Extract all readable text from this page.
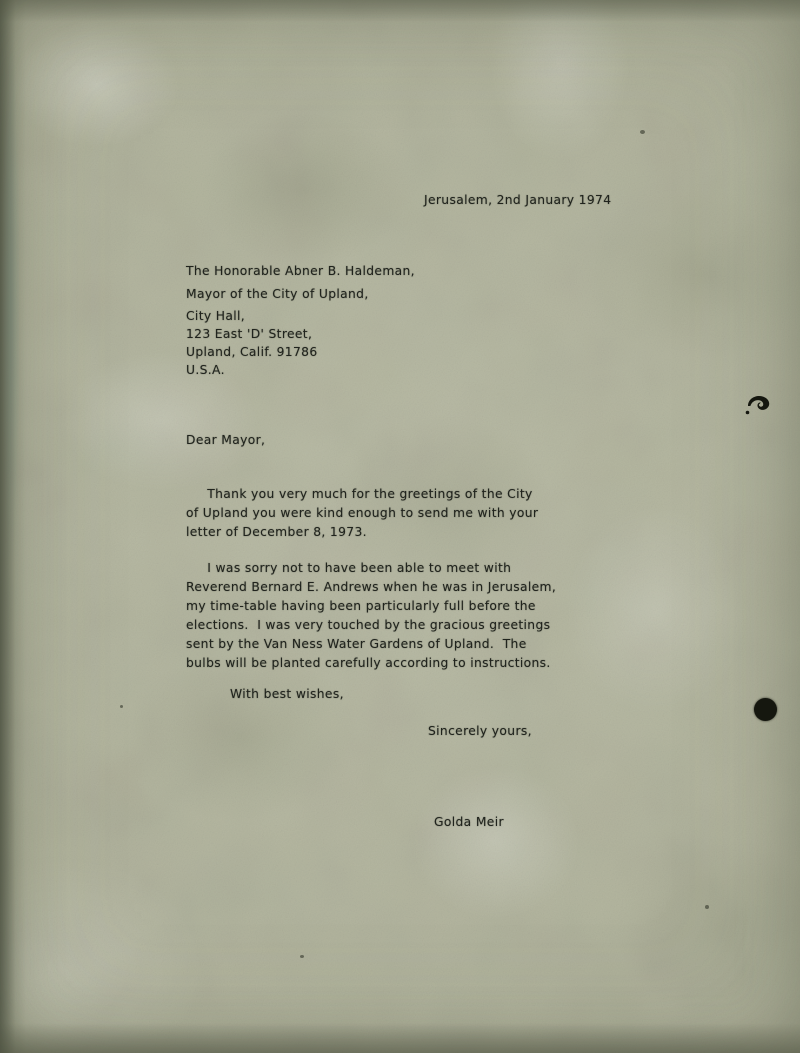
Jerusalem, 2nd January 1974
The Honorable Abner B. Haldeman,
Mayor of the City of Upland,
City Hall,
123 East 'D' Street,
Upland, Calif. 91786
U.S.A.
Dear Mayor,
Thank you very much for the greetings of the City
of Upland you were kind enough to send me with your
letter of December 8, 1973.
I was sorry not to have been able to meet with
Reverend Bernard E. Andrews when he was in Jerusalem,
my time-table having been particularly full before the
elections.  I was very touched by the gracious greetings
sent by the Van Ness Water Gardens of Upland.  The
bulbs will be planted carefully according to instructions.
With best wishes,
Sincerely yours,
Golda Meir
